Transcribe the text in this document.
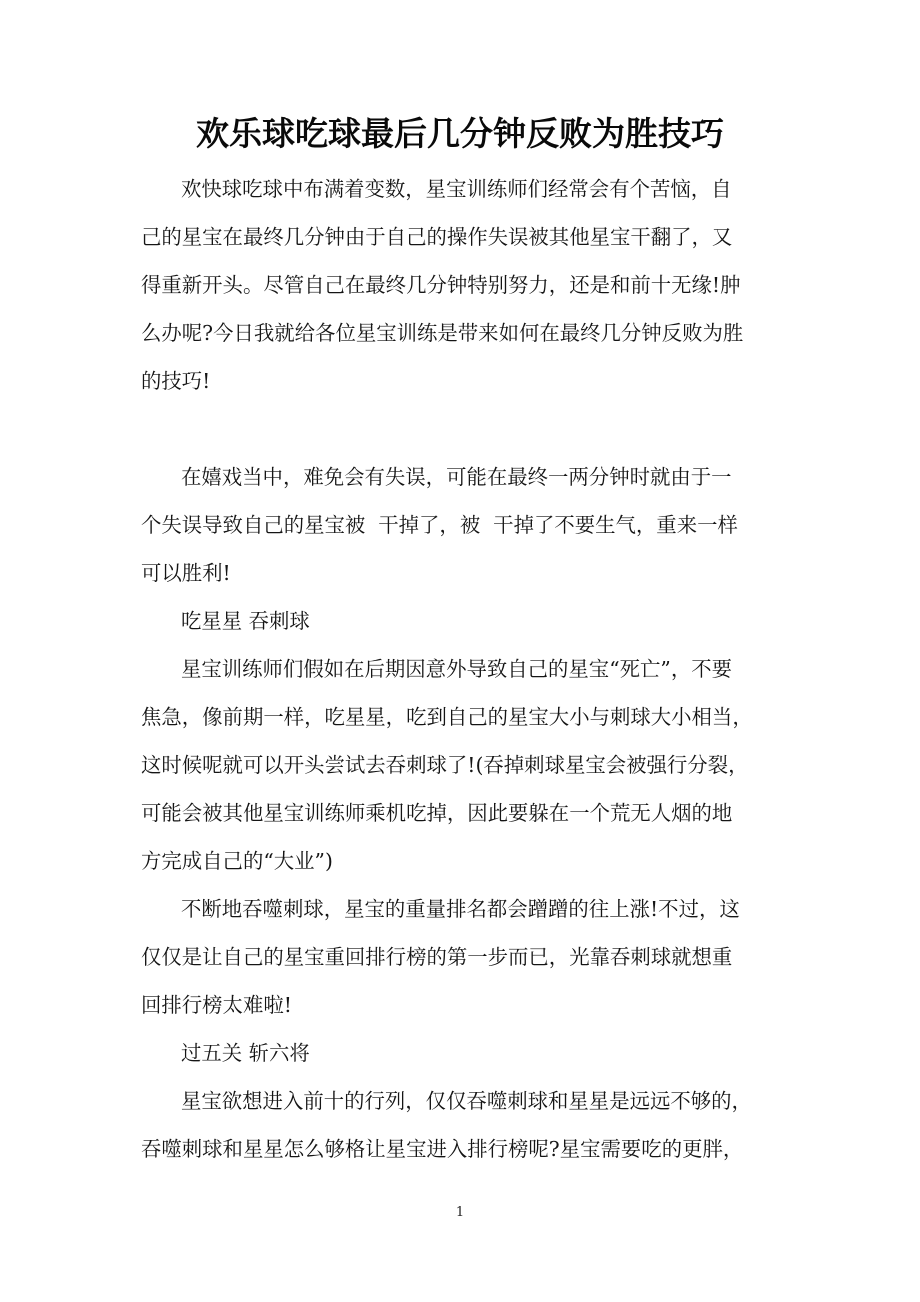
欢乐球吃球最后几分钟反败为胜技巧
欢快球吃球中布满着变数，星宝训练师们经常会有个苦恼，自
己的星宝在最终几分钟由于自己的操作失误被其他星宝干翻了，又
得重新开头。尽管自己在最终几分钟特别努力，还是和前十无缘!肿
么办呢?今日我就给各位星宝训练是带来如何在最终几分钟反败为胜
的技巧!
在嬉戏当中，难免会有失误，可能在最终一两分钟时就由于一
个失误导致自己的星宝被  干掉了，被  干掉了不要生气，重来一样
可以胜利!
吃星星 吞刺球
星宝训练师们假如在后期因意外导致自己的星宝“死亡”，不要
焦急，像前期一样，吃星星，吃到自己的星宝大小与刺球大小相当，
这时候呢就可以开头尝试去吞刺球了!(吞掉刺球星宝会被强行分裂，
可能会被其他星宝训练师乘机吃掉，因此要躲在一个荒无人烟的地
方完成自己的“大业”)
不断地吞噬刺球，星宝的重量排名都会蹭蹭的往上涨!不过，这
仅仅是让自己的星宝重回排行榜的第一步而已，光靠吞刺球就想重
回排行榜太难啦!
过五关 斩六将
星宝欲想进入前十的行列，仅仅吞噬刺球和星星是远远不够的，
吞噬刺球和星星怎么够格让星宝进入排行榜呢?星宝需要吃的更胖，
1
